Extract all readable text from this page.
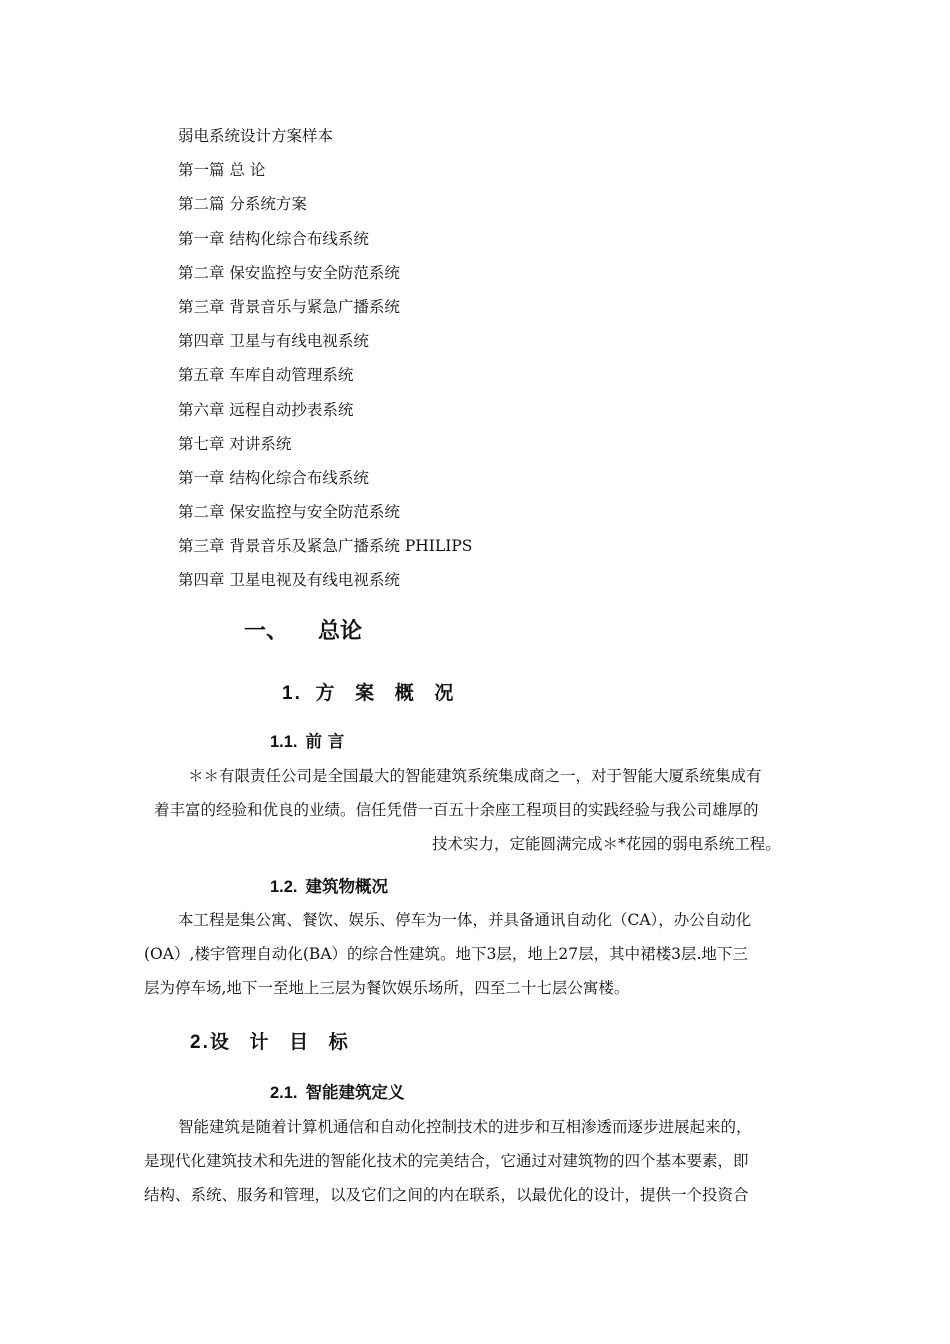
弱电系统设计方案样本
第一篇 总 论
第二篇 分系统方案
第一章 结构化综合布线系统
第二章 保安监控与安全防范系统
第三章 背景音乐与紧急广播系统
第四章 卫星与有线电视系统
第五章 车库自动管理系统
第六章 远程自动抄表系统
第七章 对讲系统
第一章 结构化综合布线系统
第二章 保安监控与安全防范系统
第三章 背景音乐及紧急广播系统 PHILIPS
第四章 卫星电视及有线电视系统
一、 总论
1. 方 案 概 况
1.1. 前 言
＊＊有限责任公司是全国最大的智能建筑系统集成商之一，对于智能大厦系统集成有
着丰富的经验和优良的业绩。信任凭借一百五十余座工程项目的实践经验与我公司雄厚的
技术实力，定能圆满完成＊*花园的弱电系统工程。
1.2. 建筑物概况
本工程是集公寓、餐饮、娱乐、停车为一体，并具备通讯自动化（CA），办公自动化
(OA）,楼宇管理自动化(BA）的综合性建筑。地下3层，地上27层，其中裙楼3层.地下三
层为停车场,地下一至地上三层为餐饮娱乐场所，四至二十七层公寓楼。
2.设 计 目 标
2.1. 智能建筑定义
智能建筑是随着计算机通信和自动化控制技术的进步和互相渗透而逐步进展起来的，
是现代化建筑技术和先进的智能化技术的完美结合，它通过对建筑物的四个基本要素，即
结构、系统、服务和管理，以及它们之间的内在联系，以最优化的设计，提供一个投资合
